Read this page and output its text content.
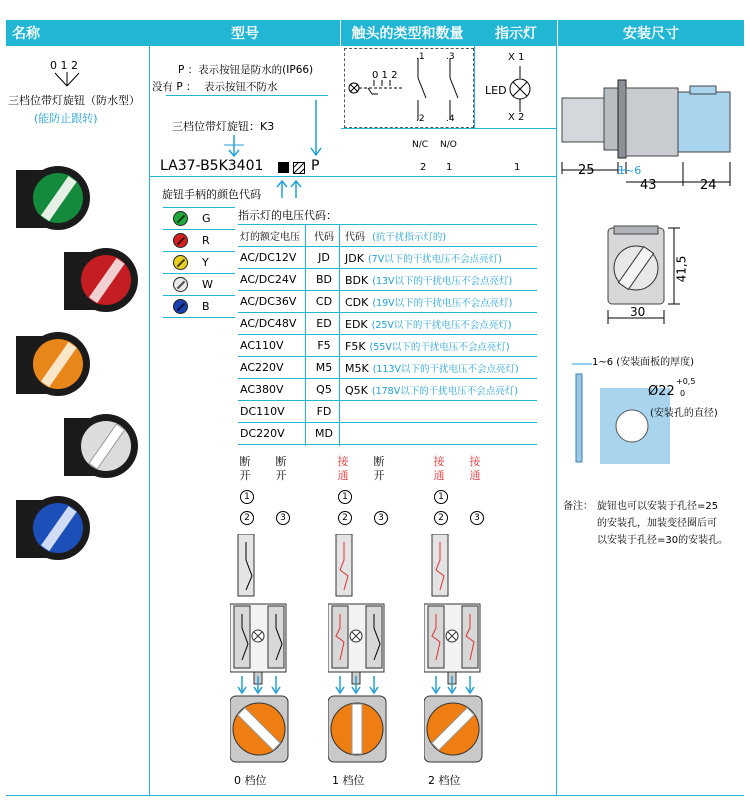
名称	型号	触头的类型和数量	指示灯	安装尺寸
0 1 2
三档位带灯旋钮（防水型）
(能防止跟转)
P ：表示按钮是防水的(IP66)
没有 P ： 表示按钮不防水
三档位带灯旋钮：K3
LA37-B5K3401	P
旋钮手柄的颜色代码
指示灯的电压代码：
G
R
Y
W
B
灯的额定电压	代码	代码 (抗干扰指示灯的)
AC/DC12V	JD	JDK (7V以下的干扰电压不会点亮灯)
AC/DC24V	BD	BDK (13V以下的干扰电压不会点亮灯)
AC/DC36V	CD	CDK (19V以下的干扰电压不会点亮灯)
AC/DC48V	ED	EDK (25V以下的干扰电压不会点亮灯)
AC110V	F5	F5K (55V以下的干扰电压不会点亮灯)
AC220V	M5	M5K (113V以下的干扰电压不会点亮灯)
AC380V	Q5	Q5K (178V以下的干扰电压不会点亮灯)
DC110V	FD
DC220V	MD
断开
断开
1
2	3
0 档位
接通
断开
1
2	3
1 档位
接通
接通
1
2	3
2 档位
0 1 2
.1 .3
.2 .4
N/C N/O
2 1
X 1
LED
X 2
1	25 1~6
43	24
41,5
30
1~6 (安装面板的厚度)
Ø22
+0,5
0
(安装孔的直径)
备注： 旋钮也可以安装于孔径=25
的安装孔，加装变径圈后可
以安装于孔径=30的安装孔。
